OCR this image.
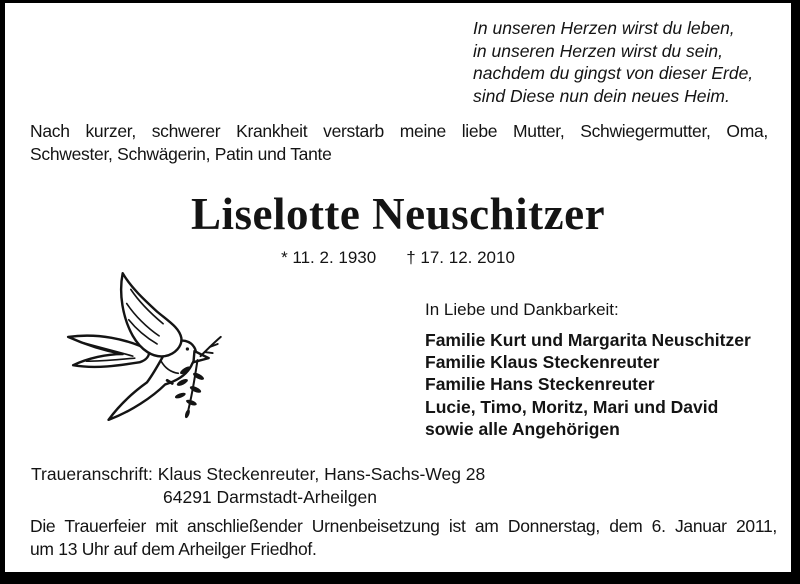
In unseren Herzen wirst du leben,
in unseren Herzen wirst du sein,
nachdem du gingst von dieser Erde,
sind Diese nun dein neues Heim.
Nach kurzer, schwerer Krankheit verstarb meine liebe Mutter, Schwiegermutter, Oma,
Schwester, Schwägerin, Patin und Tante
Liselotte Neuschitzer
* 11. 2. 1930 † 17. 12. 2010
In Liebe und Dankbarkeit:
Familie Kurt und Margarita Neuschitzer
Familie Klaus Steckenreuter
Familie Hans Steckenreuter
Lucie, Timo, Moritz, Mari und David
sowie alle Angehörigen
Traueranschrift: Klaus Steckenreuter, Hans-Sachs-Weg 28
64291 Darmstadt-Arheilgen
Die Trauerfeier mit anschließender Urnenbeisetzung ist am Donnerstag, dem 6. Januar 2011,
um 13 Uhr auf dem Arheilger Friedhof.
